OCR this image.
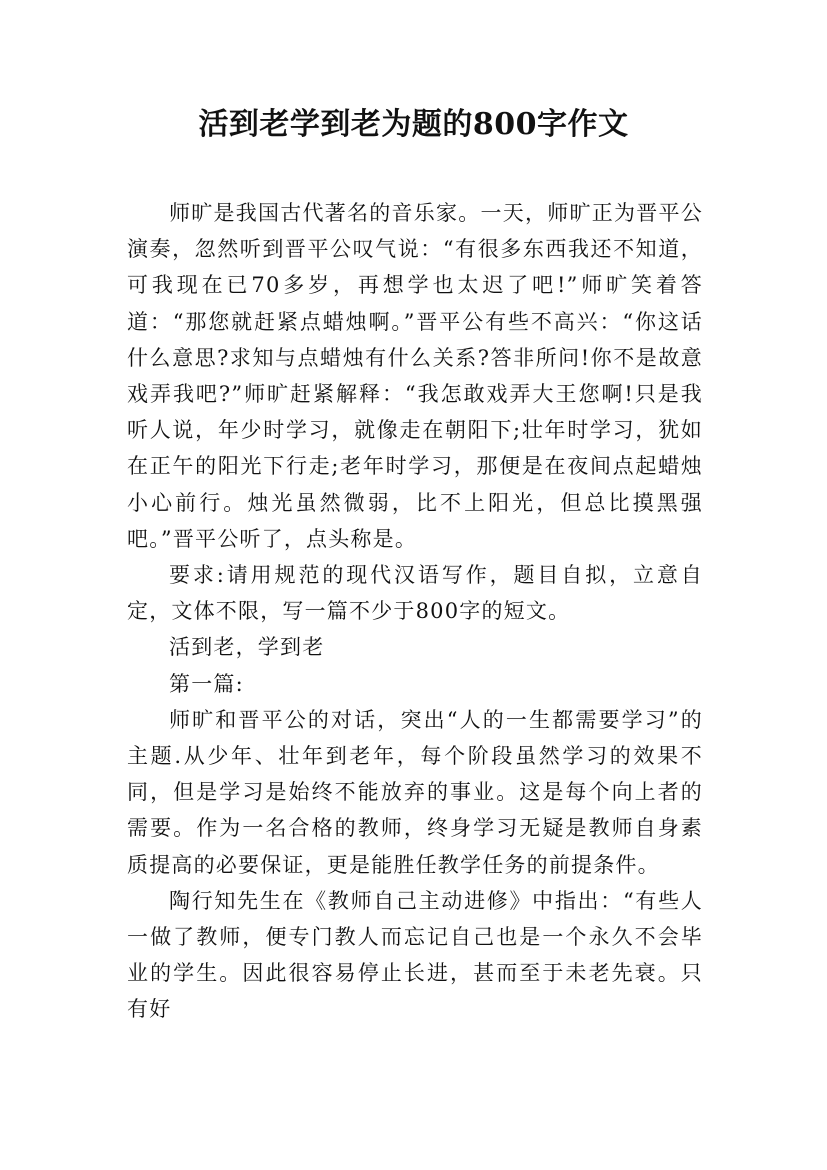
活到老学到老为题的800字作文

师旷是我国古代著名的音乐家。一天，师旷正为晋平公演奏，忽然听到晋平公叹气说：“有很多东西我还不知道，可我现在已70多岁，再想学也太迟了吧!”师旷笑着答道：“那您就赶紧点蜡烛啊。”晋平公有些不高兴：“你这话什么意思?求知与点蜡烛有什么关系?答非所问!你不是故意戏弄我吧?”师旷赶紧解释：“我怎敢戏弄大王您啊!只是我听人说，年少时学习，就像走在朝阳下;壮年时学习，犹如在正午的阳光下行走;老年时学习，那便是在夜间点起蜡烛小心前行。烛光虽然微弱，比不上阳光，但总比摸黑强吧。”晋平公听了，点头称是。

要求:请用规范的现代汉语写作，题目自拟，立意自定，文体不限，写一篇不少于800字的短文。

活到老，学到老

第一篇:

师旷和晋平公的对话，突出“人的一生都需要学习”的主题.从少年、壮年到老年，每个阶段虽然学习的效果不同，但是学习是始终不能放弃的事业。这是每个向上者的需要。作为一名合格的教师，终身学习无疑是教师自身素质提高的必要保证，更是能胜任教学任务的前提条件。

陶行知先生在《教师自己主动进修》中指出：“有些人一做了教师，便专门教人而忘记自己也是一个永久不会毕业的学生。因此很容易停止长进，甚而至于未老先衰。只有好
